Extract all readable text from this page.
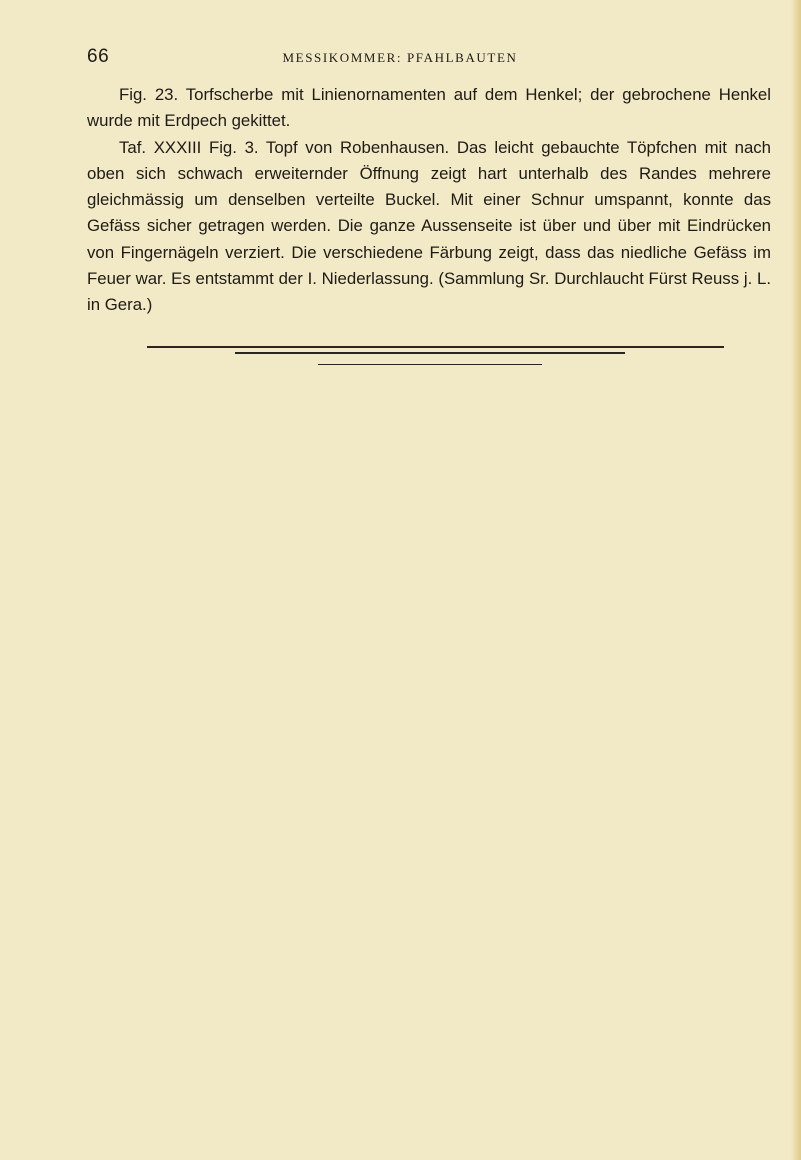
66	MESSIKOMMER: PFAHLBAUTEN

Fig. 23. Torfscherbe mit Linienornamenten auf dem Henkel; der gebrochene Henkel wurde mit Erdpech gekittet.

Taf. XXXIII Fig. 3. Topf von Robenhausen. Das leicht gebauchte Töpfchen mit nach oben sich schwach erweiternder Öffnung zeigt hart unterhalb des Randes mehrere gleichmässig um denselben verteilte Buckel. Mit einer Schnur umspannt, konnte das Gefäss sicher getragen werden. Die ganze Aussenseite ist über und über mit Eindrücken von Fingernägeln verziert. Die verschiedene Färbung zeigt, dass das niedliche Gefäss im Feuer war. Es entstammt der I. Niederlassung. (Sammlung Sr. Durchlaucht Fürst Reuss j. L. in Gera.)
